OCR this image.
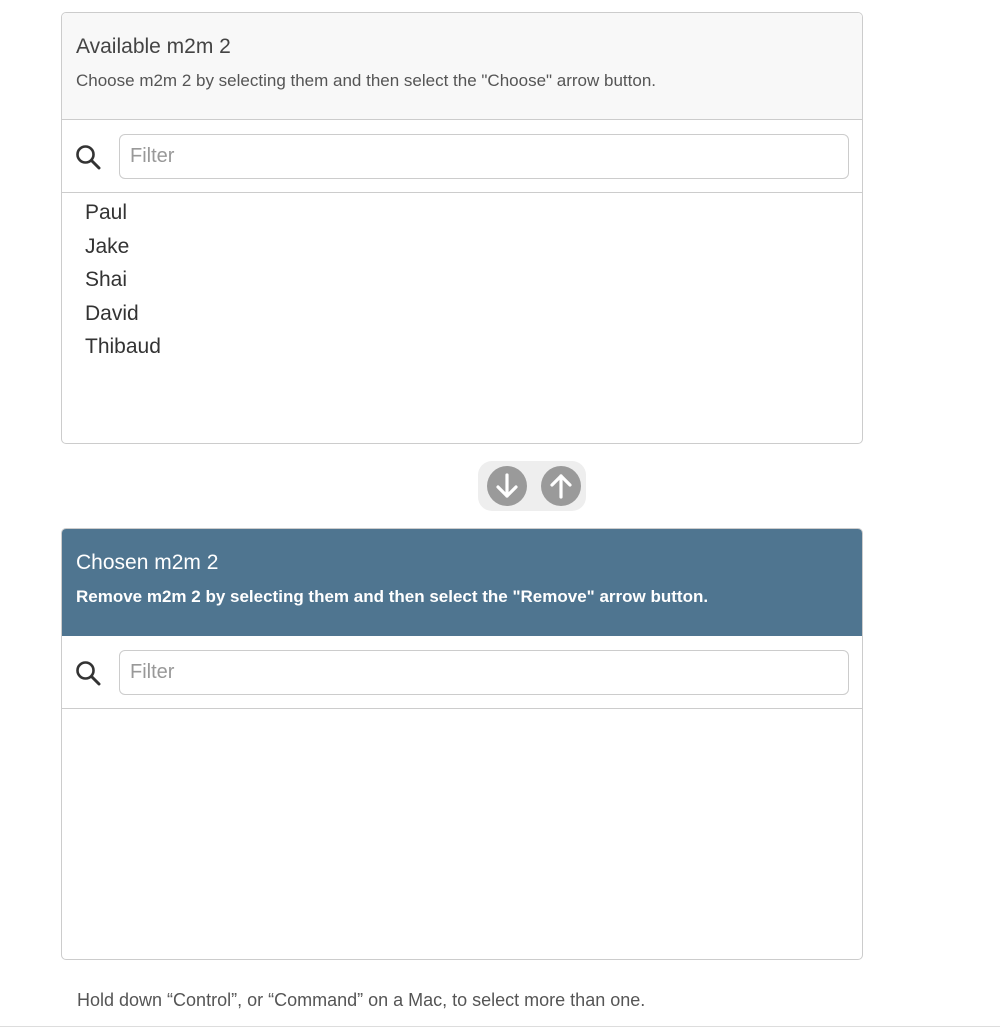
Available m2m 2
Choose m2m 2 by selecting them and then select the "Choose" arrow button.
Filter
Paul
Jake
Shai
David
Thibaud
Chosen m2m 2
Remove m2m 2 by selecting them and then select the "Remove" arrow button.
Filter
Hold down “Control”, or “Command” on a Mac, to select more than one.
